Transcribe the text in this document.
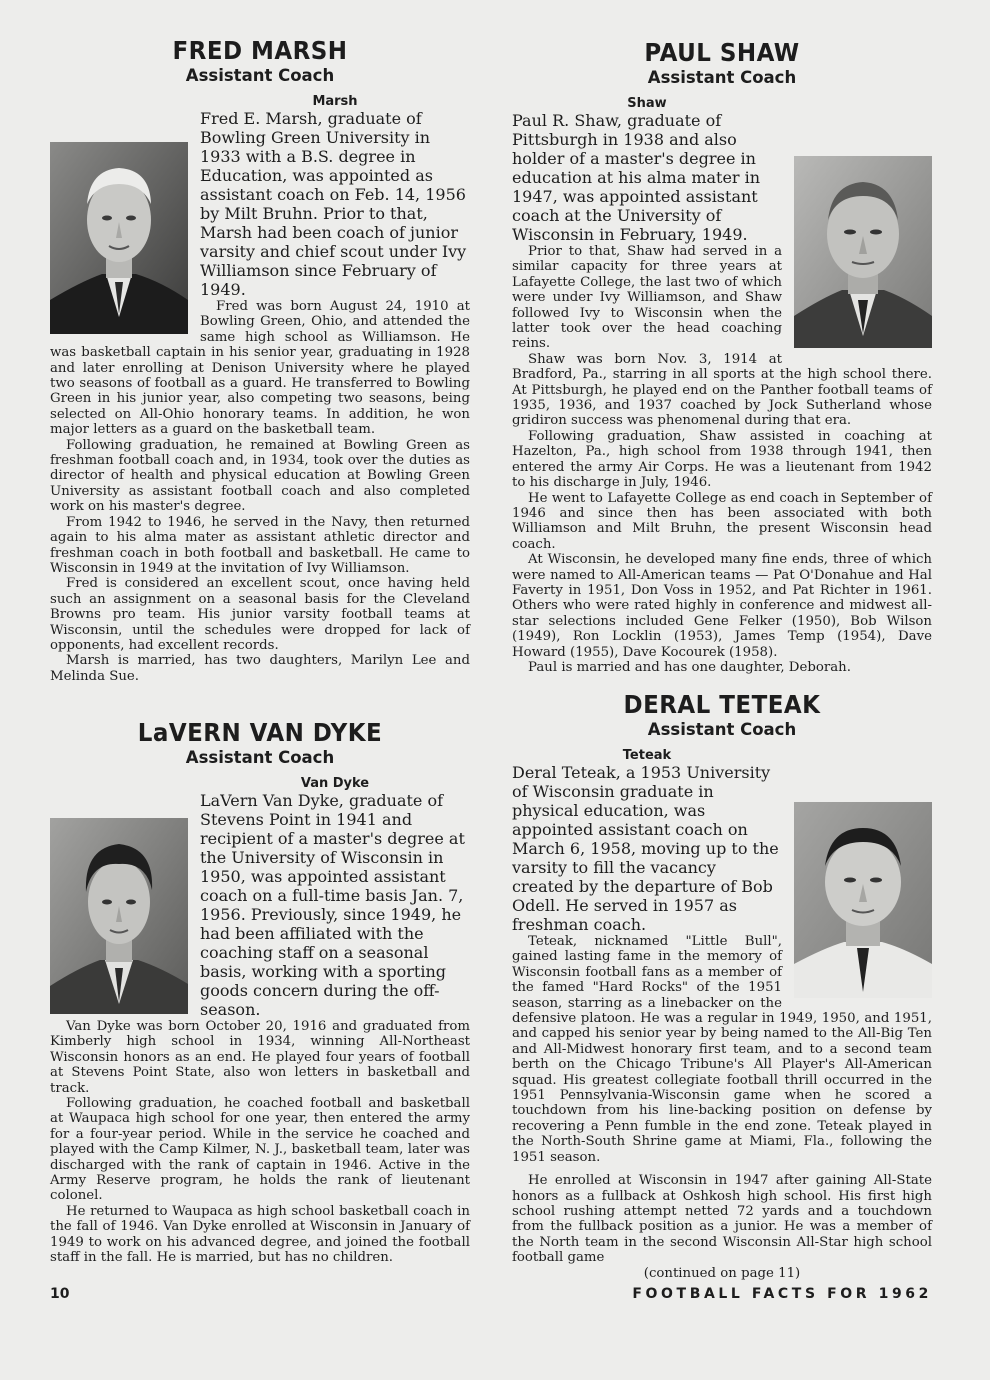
FRED MARSH
Assistant Coach

Marsh
Fred E. Marsh, graduate of Bowling Green University in 1933 with a B.S. degree in Education, was appointed as assistant coach on Feb. 14, 1956 by Milt Bruhn. Prior to that, Marsh had been coach of junior varsity and chief scout under Ivy Williamson since February of 1949.

Fred was born August 24, 1910 at Bowling Green, Ohio, and attended the same high school as Williamson. He was basketball captain in his senior year, graduating in 1928 and later enrolling at Denison University where he played two seasons of football as a guard. He transferred to Bowling Green in his junior year, also competing two seasons, being selected on All-Ohio honorary teams. In addition, he won major letters as a guard on the basketball team.

Following graduation, he remained at Bowling Green as freshman football coach and, in 1934, took over the duties as director of health and physical education at Bowling Green University as assistant football coach and also completed work on his master's degree.

From 1942 to 1946, he served in the Navy, then returned again to his alma mater as assistant athletic director and freshman coach in both football and basketball. He came to Wisconsin in 1949 at the invitation of Ivy Williamson.

Fred is considered an excellent scout, once having held such an assignment on a seasonal basis for the Cleveland Browns pro team. His junior varsity football teams at Wisconsin, until the schedules were dropped for lack of opponents, had excellent records.

Marsh is married, has two daughters, Marilyn Lee and Melinda Sue.

LaVERN VAN DYKE
Assistant Coach

Van Dyke
LaVern Van Dyke, graduate of Stevens Point in 1941 and recipient of a master's degree at the University of Wisconsin in 1950, was appointed assistant coach on a full-time basis Jan. 7, 1956. Previously, since 1949, he had been affiliated with the coaching staff on a seasonal basis, working with a sporting goods concern during the off-season.

Van Dyke was born October 20, 1916 and graduated from Kimberly high school in 1934, winning All-Northeast Wisconsin honors as an end. He played four years of football at Stevens Point State, also won letters in basketball and track.

Following graduation, he coached football and basketball at Waupaca high school for one year, then entered the army for a four-year period. While in the service he coached and played with the Camp Kilmer, N. J., basketball team, later was discharged with the rank of captain in 1946. Active in the Army Reserve program, he holds the rank of lieutenant colonel.

He returned to Waupaca as high school basketball coach in the fall of 1946. Van Dyke enrolled at Wisconsin in January of 1949 to work on his advanced degree, and joined the football staff in the fall. He is married, but has no children.

PAUL SHAW
Assistant Coach

Shaw
Paul R. Shaw, graduate of Pittsburgh in 1938 and also holder of a master's degree in education at his alma mater in 1947, was appointed assistant coach at the University of Wisconsin in February, 1949.

Prior to that, Shaw had served in a similar capacity for three years at Lafayette College, the last two of which were under Ivy Williamson, and Shaw followed Ivy to Wisconsin when the latter took over the head coaching reins.

Shaw was born Nov. 3, 1914 at Bradford, Pa., starring in all sports at the high school there. At Pittsburgh, he played end on the Panther football teams of 1935, 1936, and 1937 coached by Jock Sutherland whose gridiron success was phenomenal during that era.

Following graduation, Shaw assisted in coaching at Hazelton, Pa., high school from 1938 through 1941, then entered the army Air Corps. He was a lieutenant from 1942 to his discharge in July, 1946.

He went to Lafayette College as end coach in September of 1946 and since then has been associated with both Williamson and Milt Bruhn, the present Wisconsin head coach.

At Wisconsin, he developed many fine ends, three of which were named to All-American teams — Pat O'Donahue and Hal Faverty in 1951, Don Voss in 1952, and Pat Richter in 1961. Others who were rated highly in conference and midwest all-star selections included Gene Felker (1950), Bob Wilson (1949), Ron Locklin (1953), James Temp (1954), Dave Howard (1955), Dave Kocourek (1958).

Paul is married and has one daughter, Deborah.

DERAL TETEAK
Assistant Coach

Teteak
Deral Teteak, a 1953 University of Wisconsin graduate in physical education, was appointed assistant coach on March 6, 1958, moving up to the varsity to fill the vacancy created by the departure of Bob Odell. He served in 1957 as freshman coach.

Teteak, nicknamed "Little Bull", gained lasting fame in the memory of Wisconsin football fans as a member of the famed "Hard Rocks" of the 1951 season, starring as a linebacker on the defensive platoon. He was a regular in 1949, 1950, and 1951, and capped his senior year by being named to the All-Big Ten and All-Midwest honorary first team, and to a second team berth on the Chicago Tribune's All Player's All-American squad. His greatest collegiate football thrill occurred in the 1951 Pennsylvania-Wisconsin game when he scored a touchdown from his line-backing position on defense by recovering a Penn fumble in the end zone. Teteak played in the North-South Shrine game at Miami, Fla., following the 1951 season.

He enrolled at Wisconsin in 1947 after gaining All-State honors as a fullback at Oshkosh high school. His first high school rushing attempt netted 72 yards and a touchdown from the fullback position as a junior. He was a member of the North team in the second Wisconsin All-Star high school football game

(continued on page 11)

10	FOOTBALL FACTS FOR 1962
